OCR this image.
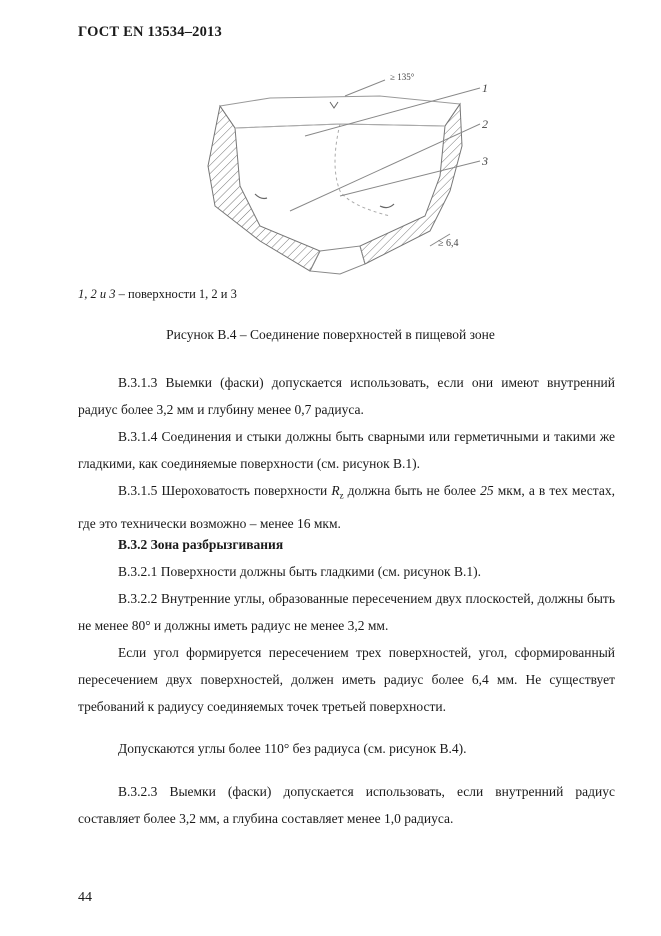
ГОСТ EN 13534–2013
≥ 135°
1
2
3
≥ 6,4
1, 2 и 3 – поверхности 1, 2 и 3
Рисунок В.4 – Соединение поверхностей в пищевой зоне
В.3.1.3 Выемки (фаски) допускается использовать, если они имеют внутренний радиус более 3,2 мм и глубину менее 0,7 радиуса.
В.3.1.4 Соединения и стыки должны быть сварными или герметичными и такими же гладкими, как соединяемые поверхности (см. рисунок В.1).
В.3.1.5 Шероховатость поверхности $R_z$ должна быть не более 25 мкм, а в тех местах, где это технически возможно – менее 16 мкм.
В.3.2 Зона разбрызгивания
В.3.2.1 Поверхности должны быть гладкими (см. рисунок В.1).
В.3.2.2 Внутренние углы, образованные пересечением двух плоскостей, должны быть не менее 80° и должны иметь радиус не менее 3,2 мм.
Если угол формируется пересечением трех поверхностей, угол, сформированный пересечением двух поверхностей, должен иметь радиус более 6,4 мм. Не существует требований к радиусу соединяемых точек третьей поверхности.
Допускаются углы более 110° без радиуса (см. рисунок В.4).
В.3.2.3 Выемки (фаски) допускается использовать, если внутренний радиус составляет более 3,2 мм, а глубина составляет менее 1,0 радиуса.
44
